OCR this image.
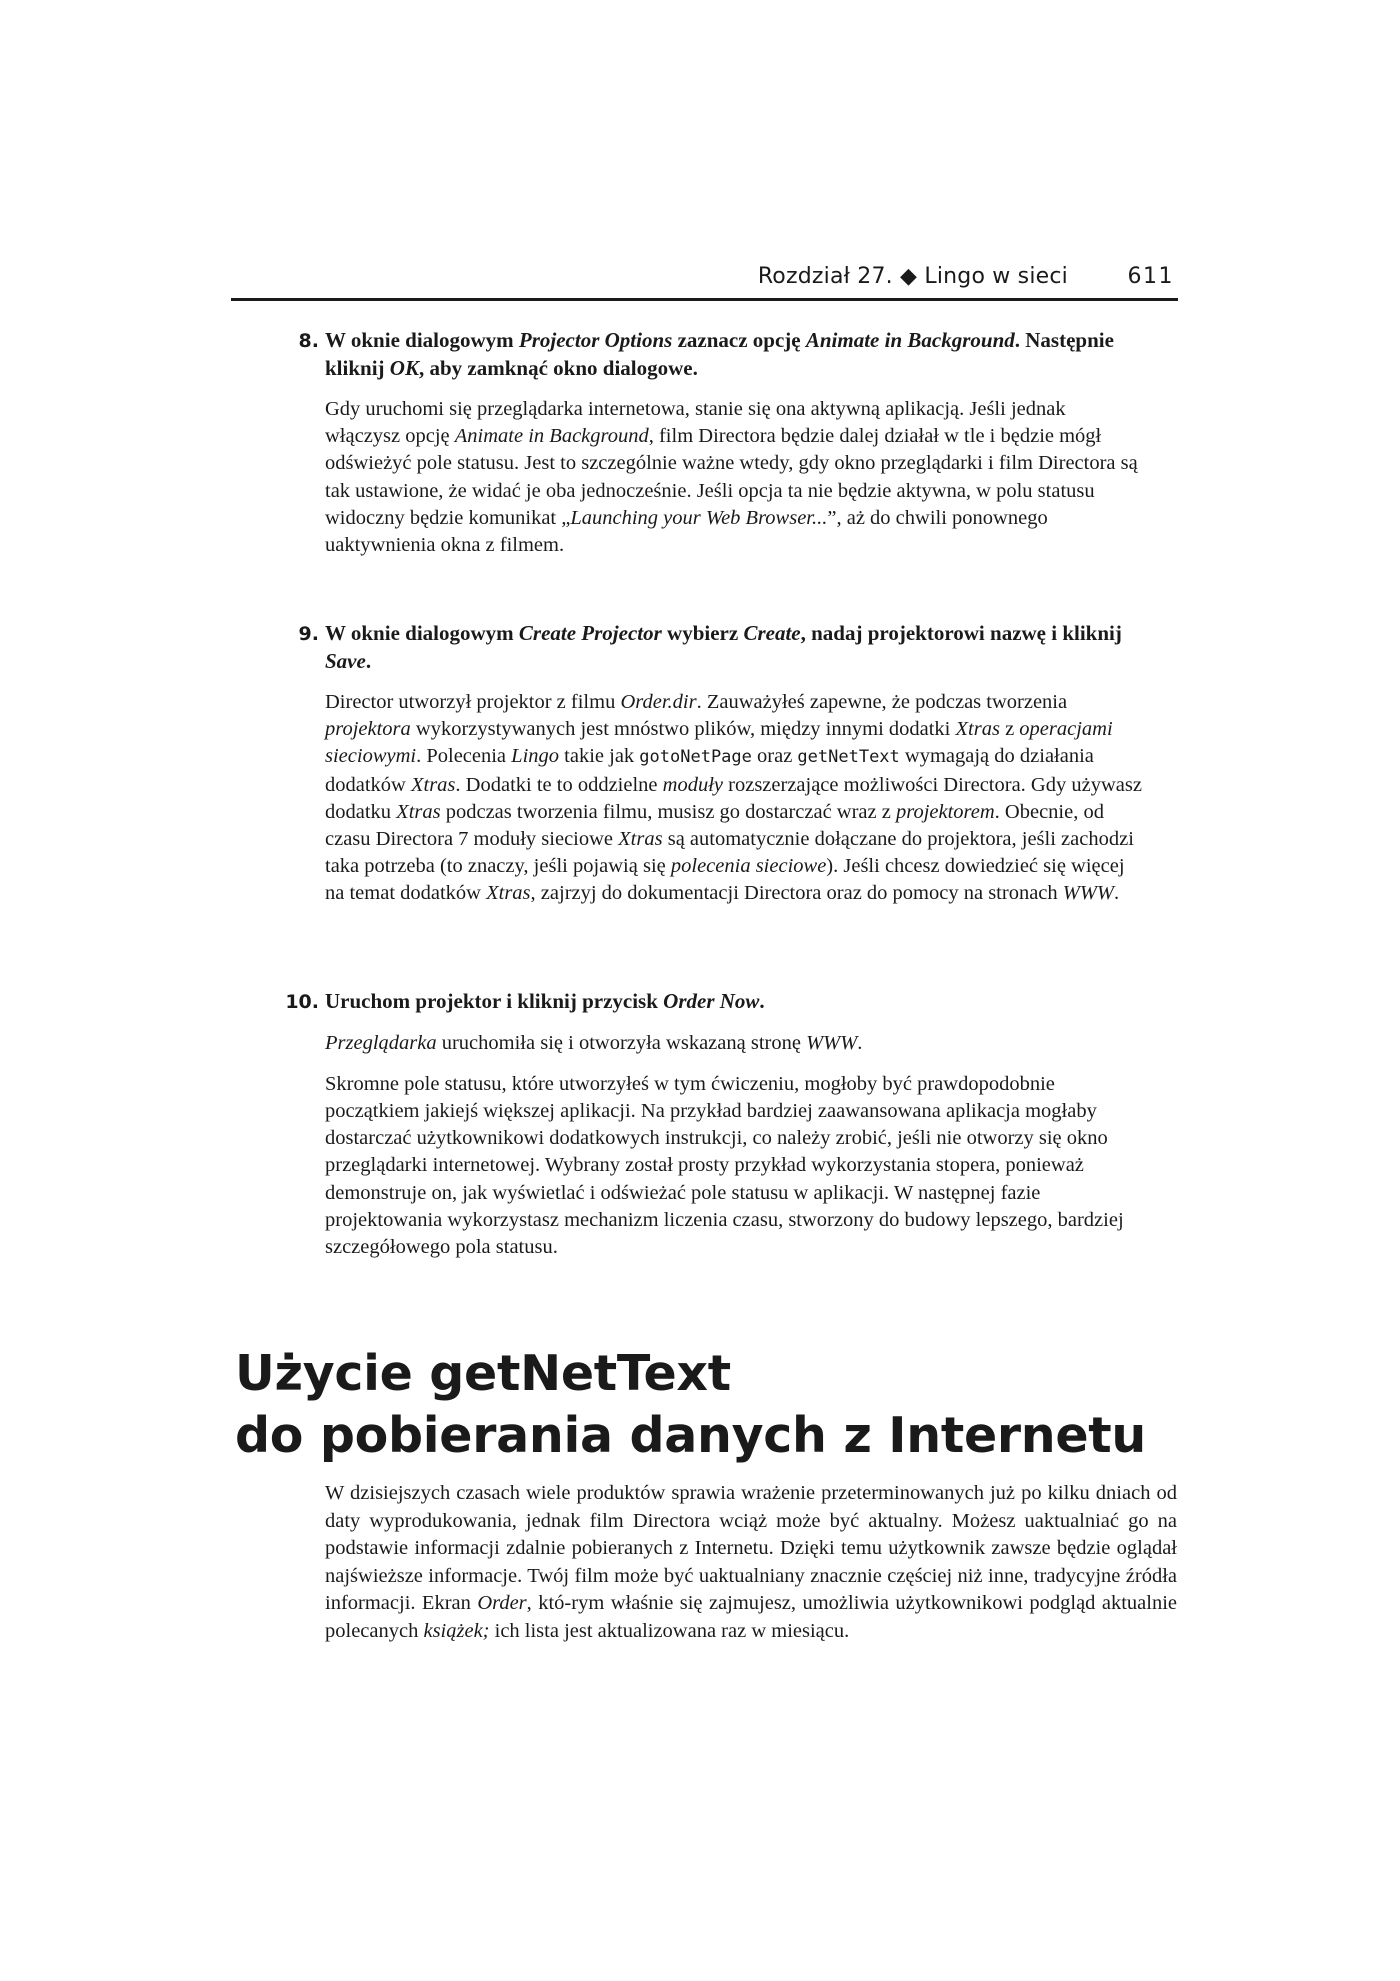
Rozdział 27. ◆ Lingo w sieci	611
8. W oknie dialogowym Projector Options zaznacz opcję Animate in Background. Następnie kliknij OK, aby zamknąć okno dialogowe.

Gdy uruchomi się przeglądarka internetowa, stanie się ona aktywną aplikacją. Jeśli jednak włączysz opcję Animate in Background, film Directora będzie dalej działał w tle i będzie mógł odświeżyć pole statusu. Jest to szczególnie ważne wtedy, gdy okno przeglądarki i film Directora są tak ustawione, że widać je oba jednocześnie. Jeśli opcja ta nie będzie aktywna, w polu statusu widoczny będzie komunikat „Launching your Web Browser...”, aż do chwili ponownego uaktywnienia okna z filmem.

9. W oknie dialogowym Create Projector wybierz Create, nadaj projektorowi nazwę i kliknij Save.

Director utworzył projektor z filmu Order.dir. Zauważyłeś zapewne, że podczas tworzenia projektora wykorzystywanych jest mnóstwo plików, między innymi dodatki Xtras z operacjami sieciowymi. Polecenia Lingo takie jak gotoNetPage oraz getNetText wymagają do działania dodatków Xtras. Dodatki te to oddzielne moduły rozszerzające możliwości Directora. Gdy używasz dodatku Xtras podczas tworzenia filmu, musisz go dostarczać wraz z projektorem. Obecnie, od czasu Directora 7 moduły sieciowe Xtras są automatycznie dołączane do projektora, jeśli zachodzi taka potrzeba (to znaczy, jeśli pojawią się polecenia sieciowe). Jeśli chcesz dowiedzieć się więcej na temat dodatków Xtras, zajrzyj do dokumentacji Directora oraz do pomocy na stronach WWW.

10. Uruchom projektor i kliknij przycisk Order Now.

Przeglądarka uruchomiła się i otworzyła wskazaną stronę WWW.

Skromne pole statusu, które utworzyłeś w tym ćwiczeniu, mogłoby być prawdopodobnie początkiem jakiejś większej aplikacji. Na przykład bardziej zaawansowana aplikacja mogłaby dostarczać użytkownikowi dodatkowych instrukcji, co należy zrobić, jeśli nie otworzy się okno przeglądarki internetowej. Wybrany został prosty przykład wykorzystania stopera, ponieważ demonstruje on, jak wyświetlać i odświeżać pole statusu w aplikacji. W następnej fazie projektowania wykorzystasz mechanizm liczenia czasu, stworzony do budowy lepszego, bardziej szczegółowego pola statusu.

Użycie getNetText
do pobierania danych z Internetu

W dzisiejszych czasach wiele produktów sprawia wrażenie przeterminowanych już po kilku dniach od daty wyprodukowania, jednak film Directora wciąż może być aktualny. Możesz uaktualniać go na podstawie informacji zdalnie pobieranych z Internetu. Dzięki temu użytkownik zawsze będzie oglądał najświeższe informacje. Twój film może być uaktualniany znacznie częściej niż inne, tradycyjne źródła informacji. Ekran Order, któ-rym właśnie się zajmujesz, umożliwia użytkownikowi podgląd aktualnie polecanych książek; ich lista jest aktualizowana raz w miesiącu.
